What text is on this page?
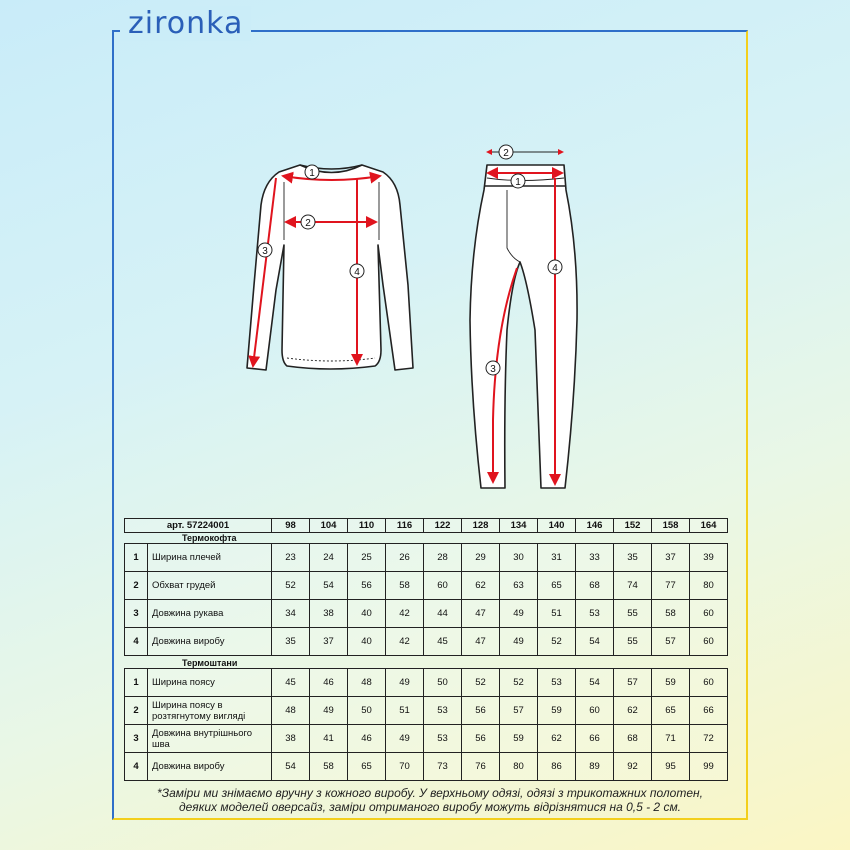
zironka
1
2
3
4
1
2
3
4
арт. 57224001	98	104	110	116	122	128	134	140	146	152	158	164
Термокофта
1	Ширина плечей	23	24	25	26	28	29	30	31	33	35	37	39
2	Обхват грудей	52	54	56	58	60	62	63	65	68	74	77	80
3	Довжина рукава	34	38	40	42	44	47	49	51	53	55	58	60
4	Довжина виробу	35	37	40	42	45	47	49	52	54	55	57	60
Термоштани
1	Ширина поясу	45	46	48	49	50	52	52	53	54	57	59	60
2	Ширина поясу в розтягнутому вигляді	48	49	50	51	53	56	57	59	60	62	65	66
3	Довжина внутрішнього шва	38	41	46	49	53	56	59	62	66	68	71	72
4	Довжина виробу	54	58	65	70	73	76	80	86	89	92	95	99
*Заміри ми знімаємо вручну з кожного виробу. У верхньому одязі, одязі з трикотажних полотен,
деяких моделей оверсайз, заміри отриманого виробу можуть відрізнятися на 0,5 - 2 см.
